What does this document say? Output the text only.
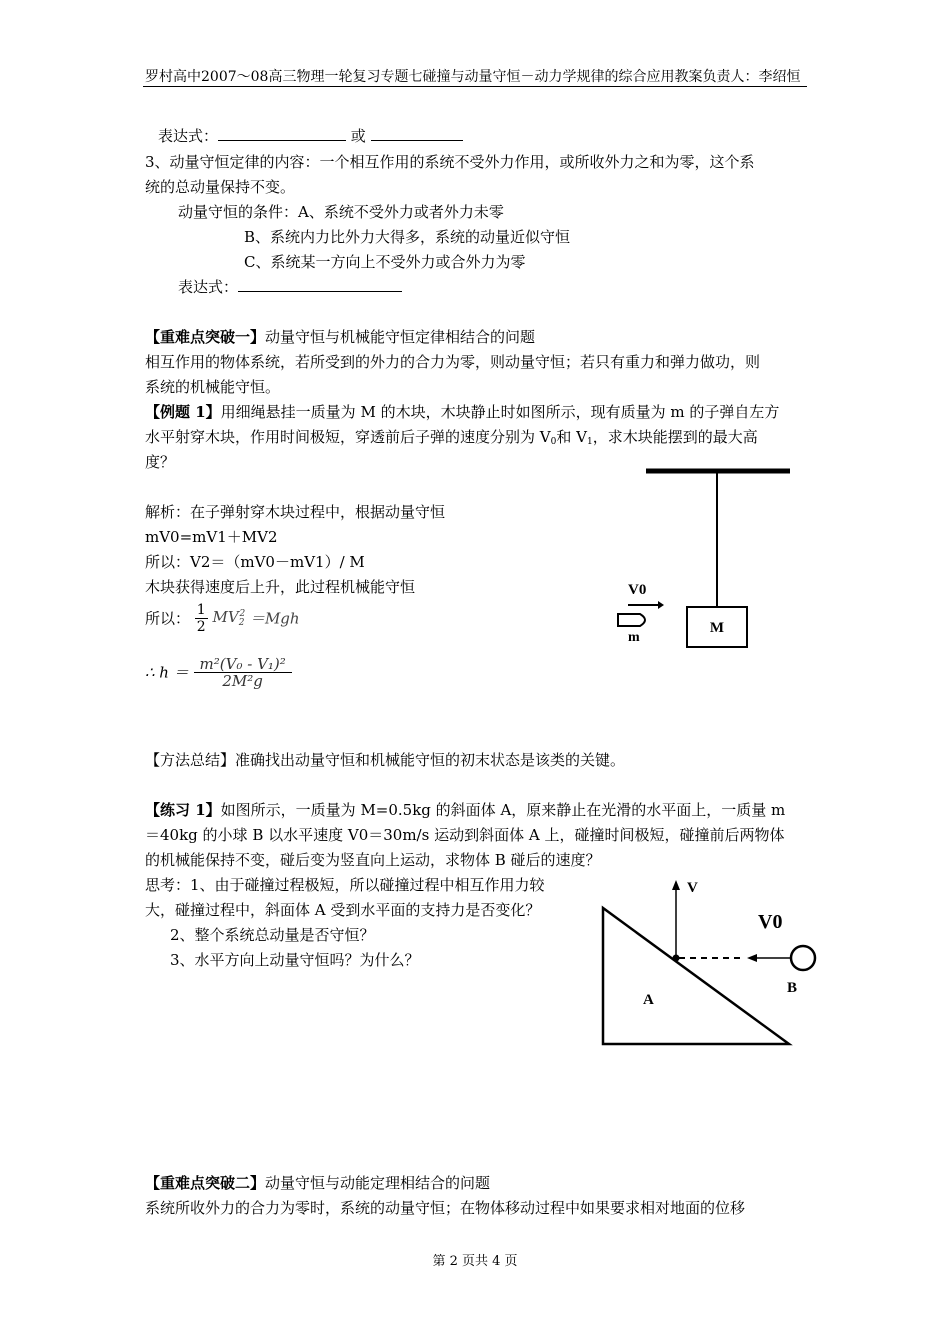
罗村高中2007～08高三物理一轮复习专题七碰撞与动量守恒－动力学规律的综合应用教案负责人：李绍恒
表达式：	或
3、动量守恒定律的内容：一个相互作用的系统不受外力作用，或所收外力之和为零，这个系
统的总动量保持不变。
动量守恒的条件：A、系统不受外力或者外力未零
B、系统内力比外力大得多，系统的动量近似守恒
C、系统某一方向上不受外力或合外力为零
表达式：
【重难点突破一】动量守恒与机械能守恒定律相结合的问题
相互作用的物体系统，若所受到的外力的合力为零，则动量守恒；若只有重力和弹力做功，则
系统的机械能守恒。
【例题 1】用细绳悬挂一质量为 M 的木块，木块静止时如图所示，现有质量为 m 的子弹自左方
水平射穿木块，作用时间极短，穿透前后子弹的速度分别为 $V_0$和 $V_1$，求木块能摆到的最大高
度？
解析：在子弹射穿木块过程中，根据动量守恒
mV0=mV1＋MV2
所以：V2＝（mV0－mV1）/ M
木块获得速度后上升，此过程机械能守恒
所以： $\frac{1}{2} MV_2^2 =Mgh$
∴ $h = \frac{\text{m²(V₀ - V₁)²}}{\text{2M²g}}$
【方法总结】准确找出动量守恒和机械能守恒的初末状态是该类的关键。
M
V0
m
【练习 1】如图所示，一质量为 M=0.5kg 的斜面体 A，原来静止在光滑的水平面上，一质量 m
＝40kg 的小球 B 以水平速度 V0＝30m/s 运动到斜面体 A 上，碰撞时间极短，碰撞前后两物体
的机械能保持不变，碰后变为竖直向上运动，求物体 B 碰后的速度？
思考：1、由于碰撞过程极短，所以碰撞过程中相互作用力较
大，碰撞过程中，斜面体 A 受到水平面的支持力是否变化？
2、整个系统总动量是否守恒？
3、水平方向上动量守恒吗？为什么？
V
V0
A
B
【重难点突破二】动量守恒与动能定理相结合的问题
系统所收外力的合力为零时，系统的动量守恒；在物体移动过程中如果要求相对地面的位移
第 2 页共 4 页
